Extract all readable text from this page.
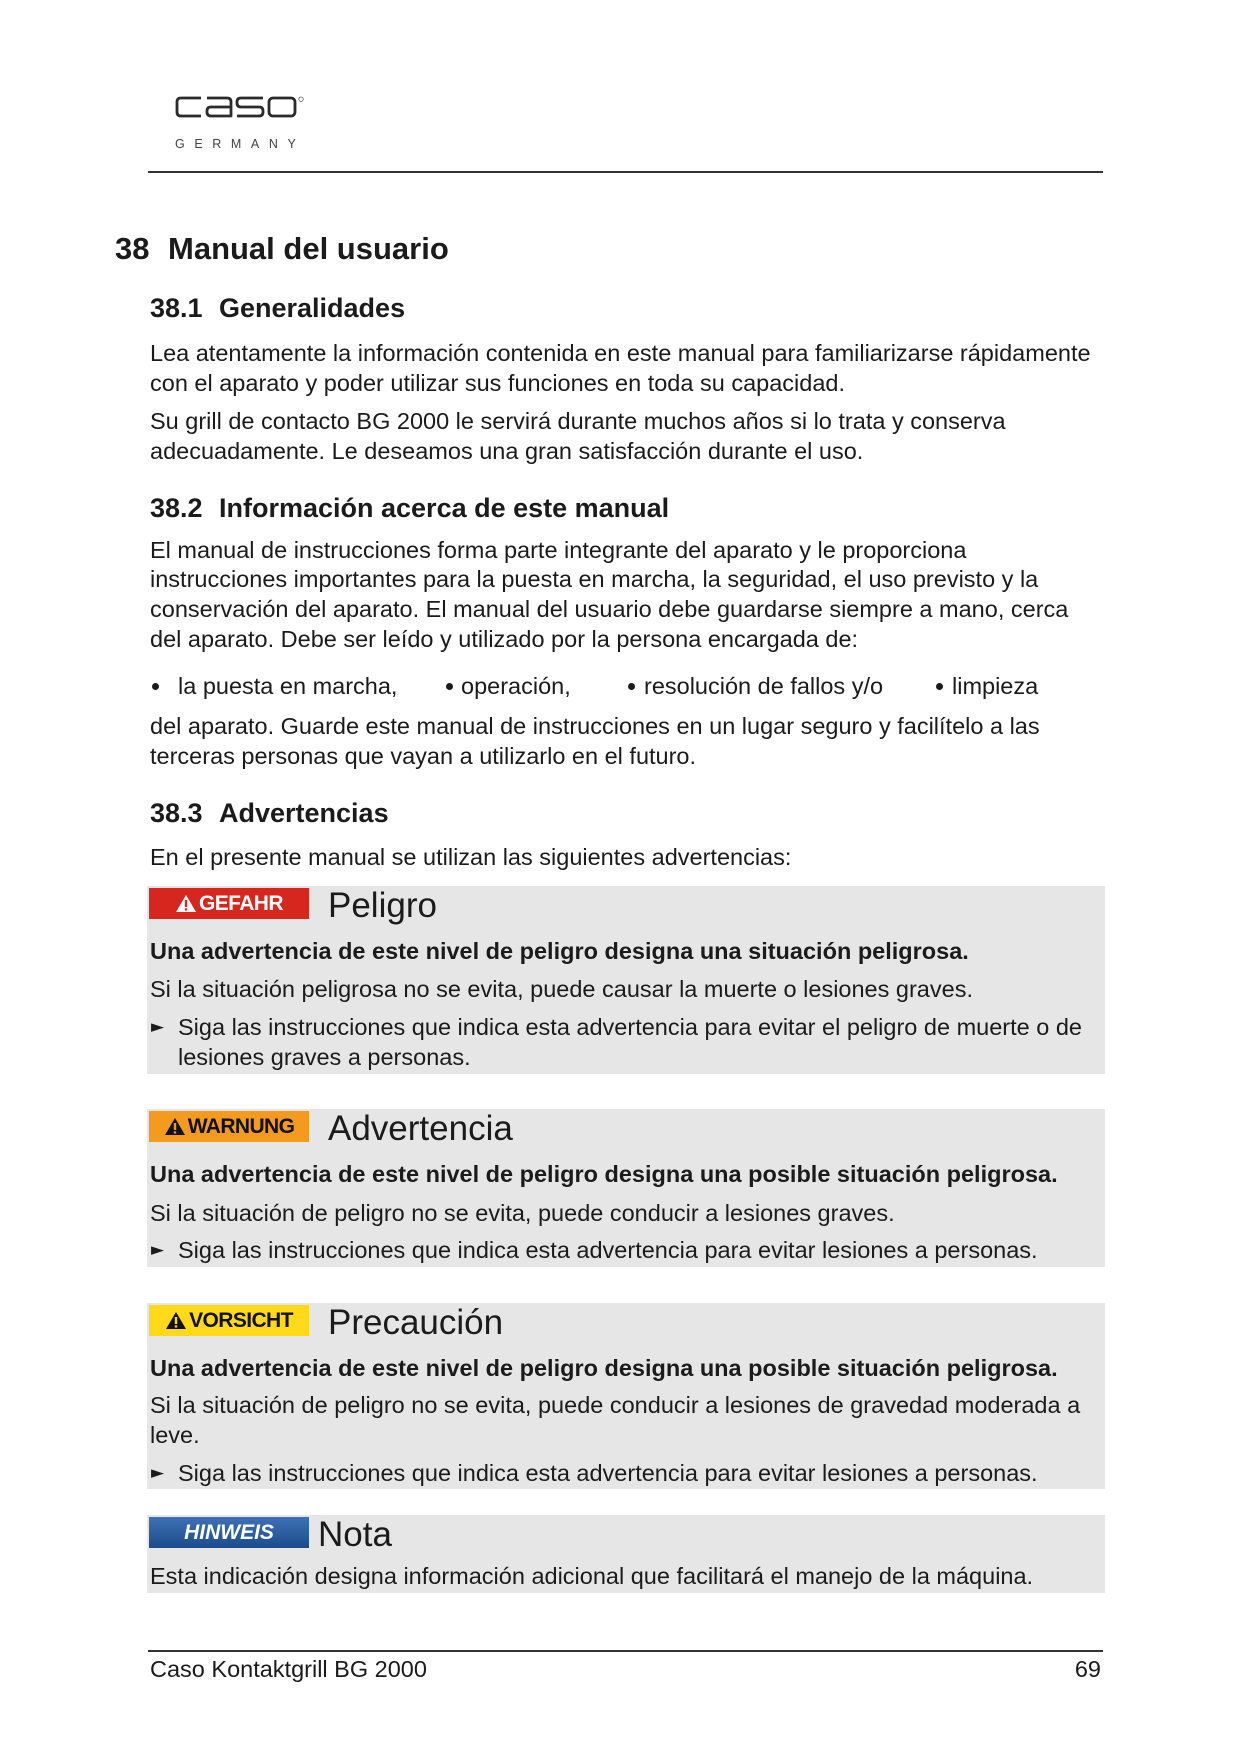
GERMANY
38 Manual del usuario
38.1 Generalidades
Lea atentamente la información contenida en este manual para familiarizarse rápidamente
con el aparato y poder utilizar sus funciones en toda su capacidad.
Su grill de contacto BG 2000 le servirá durante muchos años si lo trata y conserva
adecuadamente. Le deseamos una gran satisfacción durante el uso.
38.2 Información acerca de este manual
El manual de instrucciones forma parte integrante del aparato y le proporciona
instrucciones importantes para la puesta en marcha, la seguridad, el uso previsto y la
conservación del aparato. El manual del usuario debe guardarse siempre a mano, cerca
del aparato. Debe ser leído y utilizado por la persona encargada de:
la puesta en marcha,	operación,	resolución de fallos y/o	limpieza
del aparato. Guarde este manual de instrucciones en un lugar seguro y facilítelo a las
terceras personas que vayan a utilizarlo en el futuro.
38.3 Advertencias
En el presente manual se utilizan las siguientes advertencias:
GEFAHR Peligro
Una advertencia de este nivel de peligro designa una situación peligrosa.
Si la situación peligrosa no se evita, puede causar la muerte o lesiones graves.
► Siga las instrucciones que indica esta advertencia para evitar el peligro de muerte o de
lesiones graves a personas.
WARNUNG Advertencia
Una advertencia de este nivel de peligro designa una posible situación peligrosa.
Si la situación de peligro no se evita, puede conducir a lesiones graves.
► Siga las instrucciones que indica esta advertencia para evitar lesiones a personas.
VORSICHT Precaución
Una advertencia de este nivel de peligro designa una posible situación peligrosa.
Si la situación de peligro no se evita, puede conducir a lesiones de gravedad moderada a
leve.
► Siga las instrucciones que indica esta advertencia para evitar lesiones a personas.
HINWEIS Nota
Esta indicación designa información adicional que facilitará el manejo de la máquina.
Caso Kontaktgrill BG 2000	69
